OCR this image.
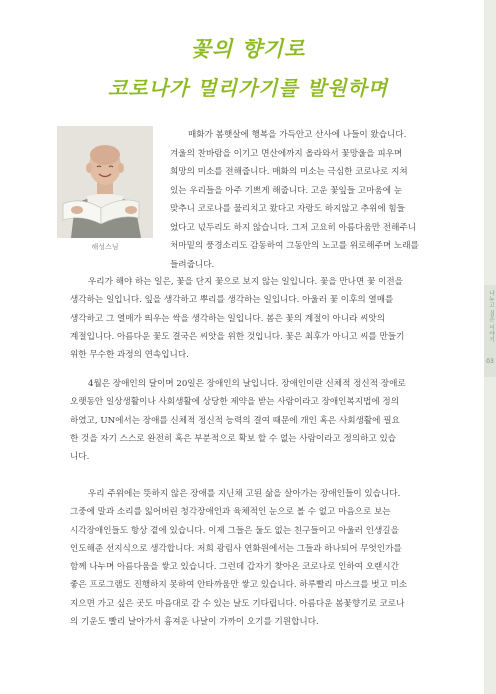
나누고 싶은 이야기
03
꽃의 향기로
코로나가 멀리가기를 발원하며
해성스님
매화가 봄햇살에 행복을 가득안고 산사에 나들이 왔습니다.
겨울의 찬바람을 이기고 면산에까지 올라와서 꽃망울을 피우며
희망의 미소를 전해줍니다. 매화의 미소는 극심한 코로나로 지쳐
있는 우리들을 아주 기쁘게 해줍니다. 고운 꽃잎들 고마움에 눈
맞추니 코로나를 물리치고 왔다고 자랑도 하지않고 추위에 힘들
었다고 넋두리도 하지 않습니다. 그저 고요히 아름다움만 전해주니
처마밑의 풍경소리도 감동하여 그동안의 노고를 위로해주며 노래를
들려줍니다.
우리가 해야 하는 일은, 꽃을 단지 꽃으로 보지 않는 일입니다. 꽃을 만나면 꽃 이전을
생각하는 일입니다. 잎을 생각하고 뿌리를 생각하는 일입니다. 아울러 꽃 이후의 열매를
생각하고 그 열매가 띄우는 싹을 생각하는 일입니다. 봄은 꽃의 계절이 아니라 씨앗의
계절입니다. 아름다운 꽃도 결국은 씨앗을 위한 것입니다. 꽃은 최후가 아니고 씨를 만들기
위한 무수한 과정의 연속입니다.
4월은 장애인의 달이며 20일은 장애인의 날입니다. 장애인이란 신체적 정신적 장애로
오랫동안 일상생활이나 사회생활에 상당한 제약을 받는 사람이라고 장애인복지법에 정의
하였고, UN에서는 장애를 신체적 정신적 능력의 결여 때문에 개인 혹은 사회생활에 필요
한 것을 자기 스스로 완전히 혹은 부분적으로 확보 할 수 없는 사람이라고 정의하고 있습
니다.
우리 주위에는 뜻하지 않은 장애를 지닌채 고된 삶을 살아가는 장애인들이 있습니다.
그중에 말과 소리를 잃어버린 청각장애인과 육체적인 눈으로 볼 수 없고 마음으로 보는
시각장애인들도 항상 곁에 있습니다. 이제 그들은 둘도 없는 친구들이고 아울러 인생길을
인도해준 선지식으로 생각합니다. 저희 광림사 연화원에서는 그들과 하나되어 무엇인가를
함께 나누며 아름다움을 쌓고 있습니다. 그런데 갑자기 찾아온 코로나로 인하여 오랜시간
좋은 프로그램도 진행하지 못하여 안타까움만 쌓고 있습니다. 하루빨리 마스크를 벗고 미소
지으면 가고 싶은 곳도 마음대로 갈 수 있는 날도 기다립니다. 아름다운 봄꽃향기로 코로나
의 기운도 빨리 날아가서 흉져운 나날이 가까이 오기를 기원합니다.
